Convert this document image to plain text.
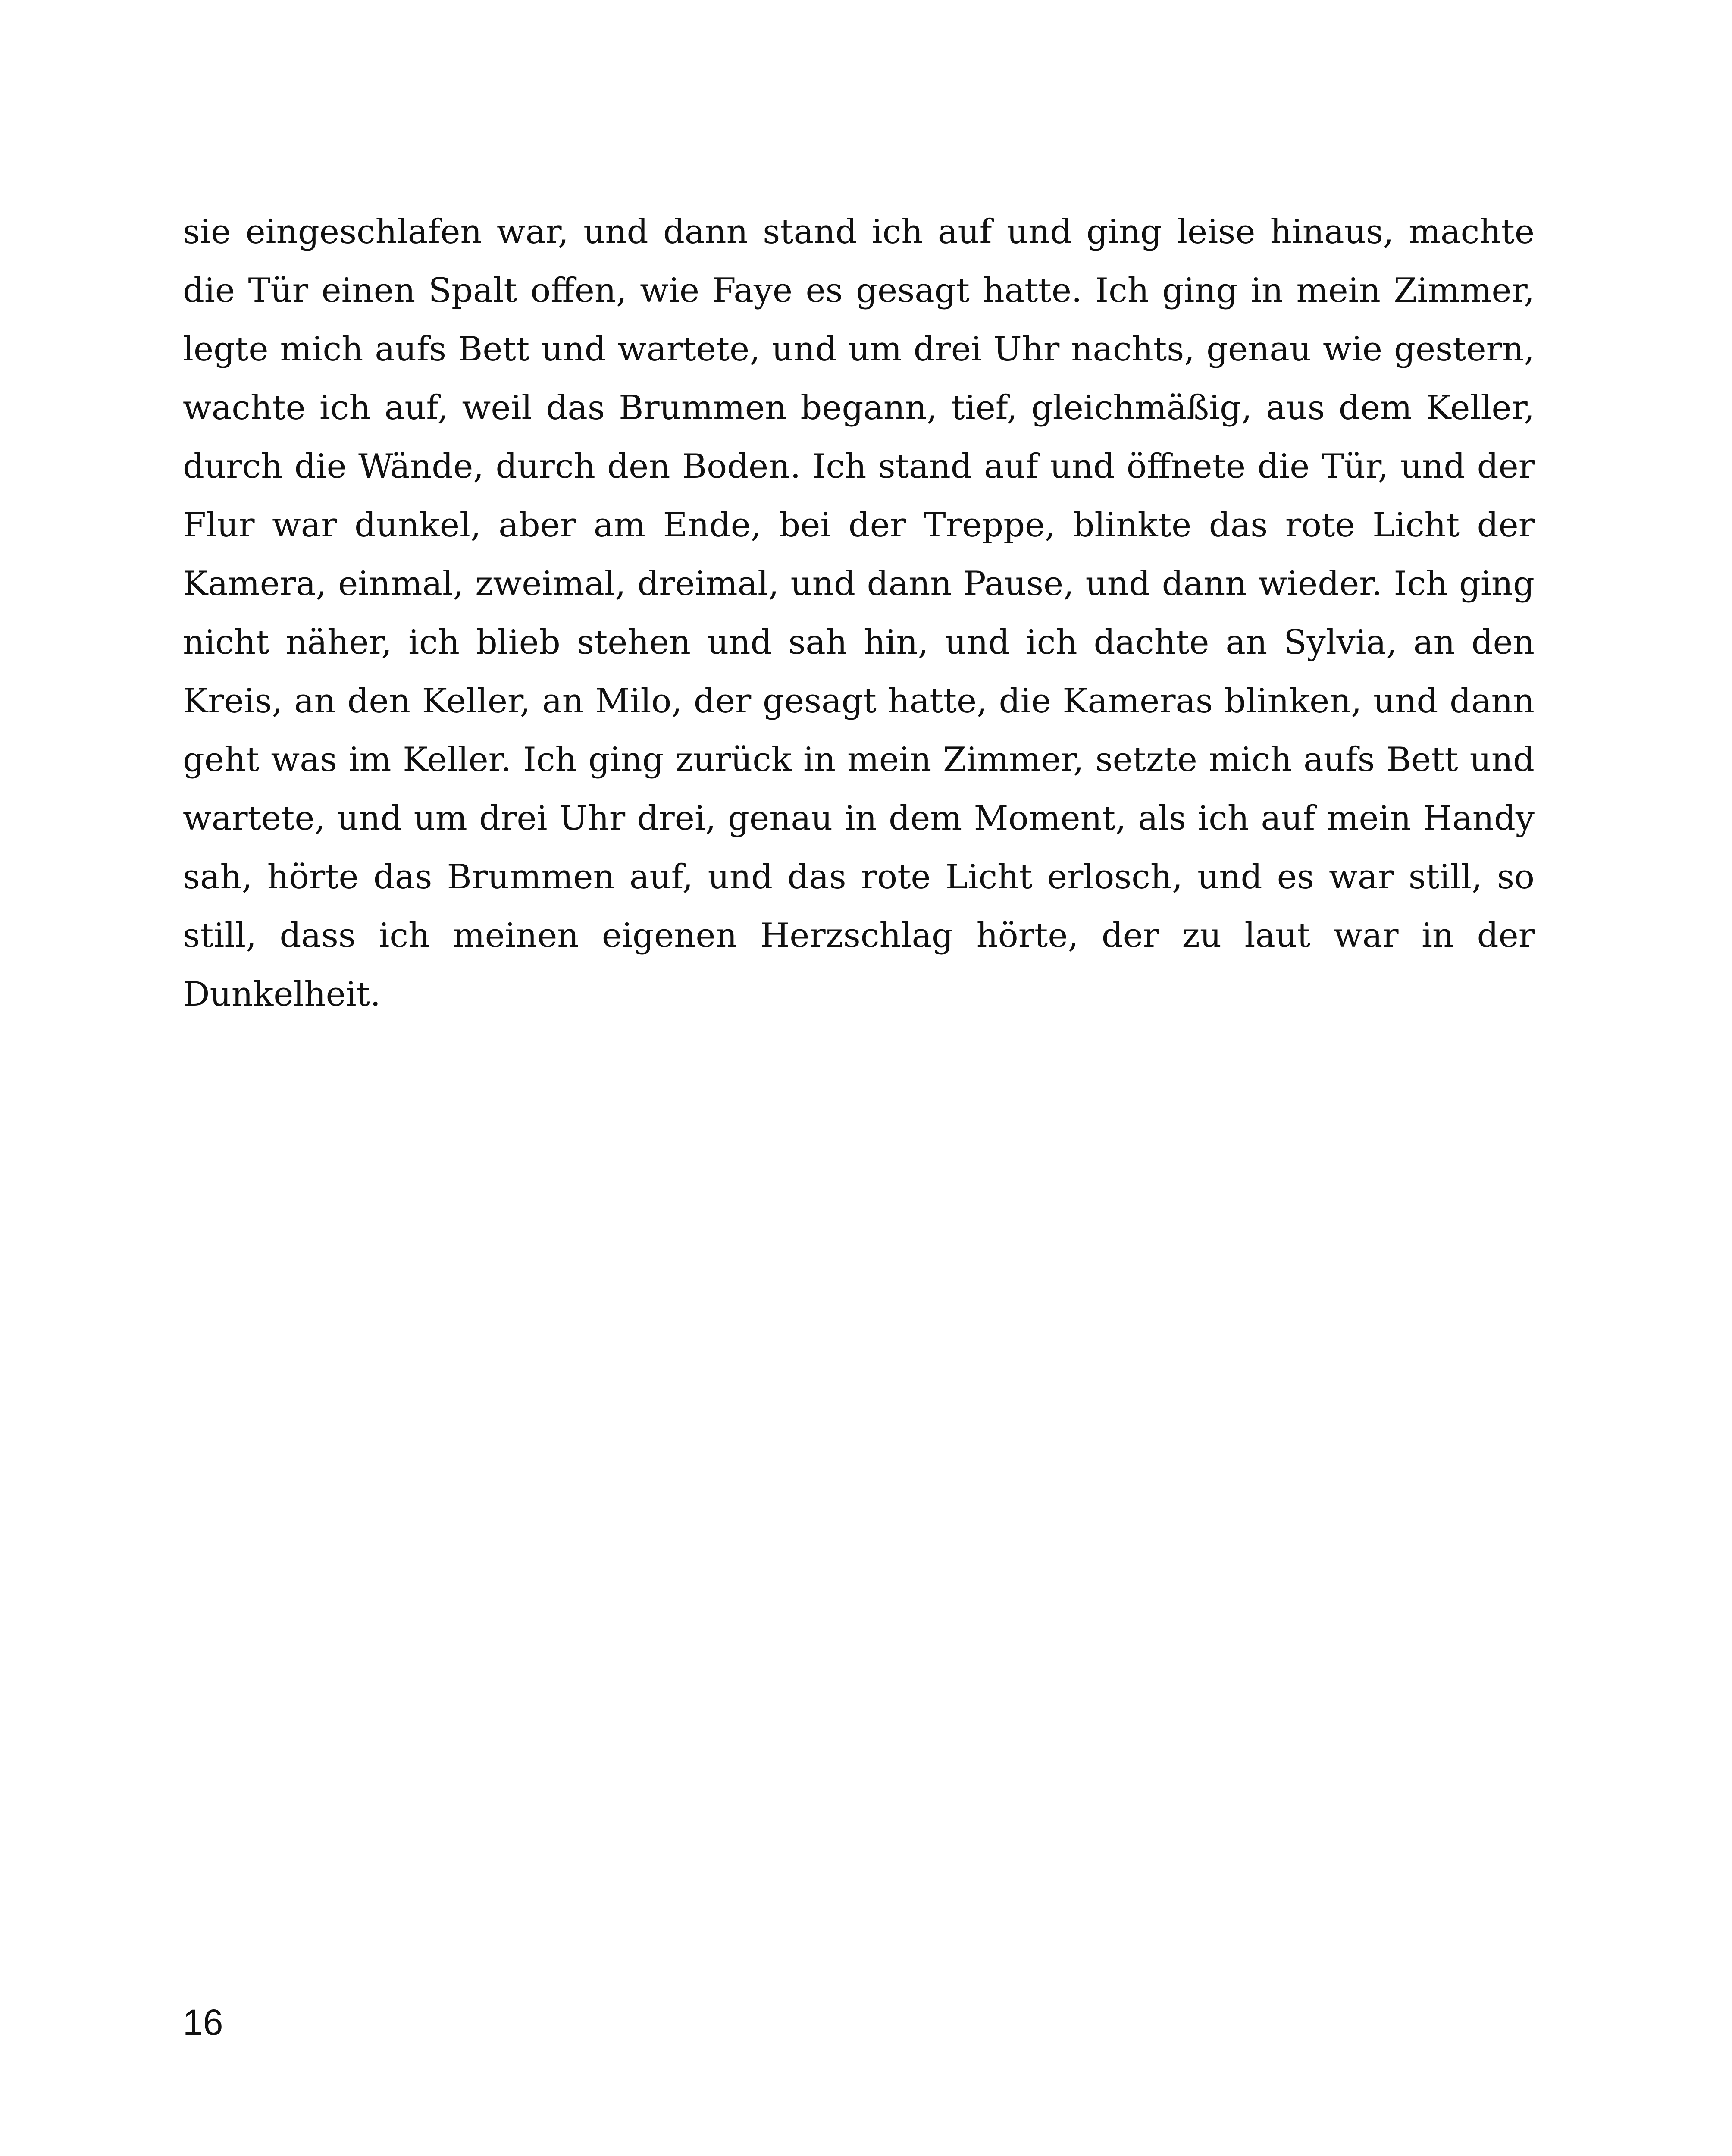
sie eingeschlafen war, und dann stand ich auf und ging leise hinaus, machte die Tür einen Spalt offen, wie Faye es gesagt hatte. Ich ging in mein Zimmer, legte mich aufs Bett und wartete, und um drei Uhr nachts, genau wie gestern, wachte ich auf, weil das Brummen begann, tief, gleichmäßig, aus dem Keller, durch die Wände, durch den Boden. Ich stand auf und öffnete die Tür, und der Flur war dunkel, aber am Ende, bei der Treppe, blinkte das rote Licht der Kamera, einmal, zweimal, dreimal, und dann Pause, und dann wieder. Ich ging nicht näher, ich blieb stehen und sah hin, und ich dachte an Sylvia, an den Kreis, an den Keller, an Milo, der gesagt hatte, die Kameras blinken, und dann geht was im Keller. Ich ging zurück in mein Zimmer, setzte mich aufs Bett und wartete, und um drei Uhr drei, genau in dem Moment, als ich auf mein Handy sah, hörte das Brummen auf, und das rote Licht erlosch, und es war still, so still, dass ich meinen eigenen Herzschlag hörte, der zu laut war in der Dunkelheit.

16
